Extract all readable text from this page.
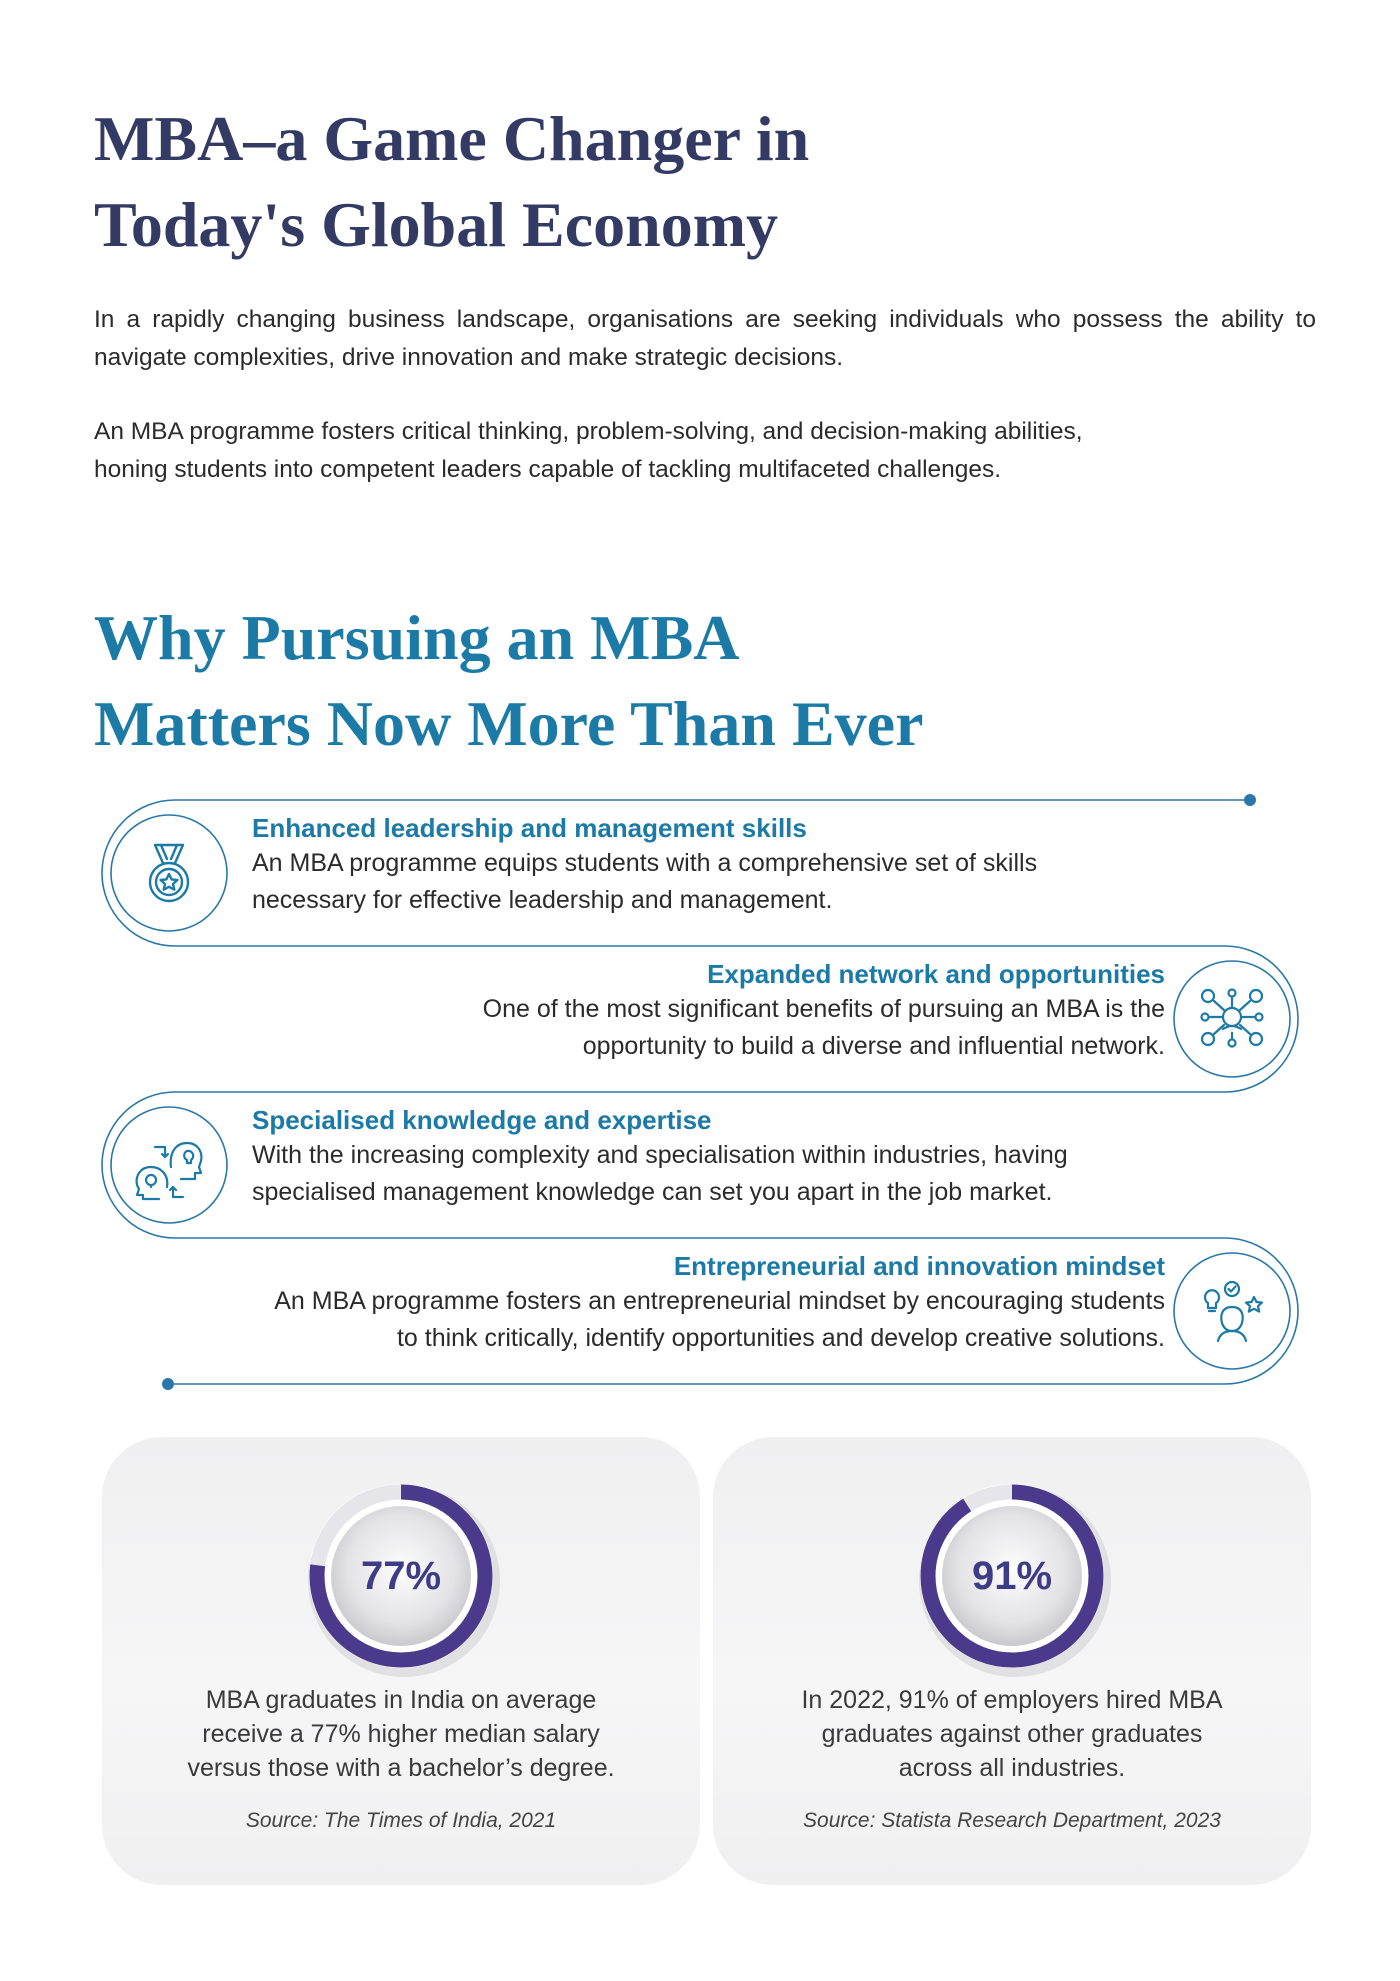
MBA–a Game Changer in
Today's Global Economy

In a rapidly changing business landscape, organisations are seeking individuals who possess the ability to navigate complexities, drive innovation and make strategic decisions.

An MBA programme fosters critical thinking, problem-solving, and decision-making abilities,
honing students into competent leaders capable of tackling multifaceted challenges.

Why Pursuing an MBA
Matters Now More Than Ever
Enhanced leadership and management skills
An MBA programme equips students with a comprehensive set of skills
necessary for effective leadership and management.
Expanded network and opportunities
One of the most significant benefits of pursuing an MBA is the
opportunity to build a diverse and influential network.
Specialised knowledge and expertise
With the increasing complexity and specialisation within industries, having
specialised management knowledge can set you apart in the job market.
Entrepreneurial and innovation mindset
An MBA programme fosters an entrepreneurial mindset by encouraging students
to think critically, identify opportunities and develop creative solutions.
77%
MBA graduates in India on average
receive a 77% higher median salary
versus those with a bachelor’s degree.
Source: The Times of India, 2021
91%
In 2022, 91% of employers hired MBA
graduates against other graduates
across all industries.
Source: Statista Research Department, 2023
